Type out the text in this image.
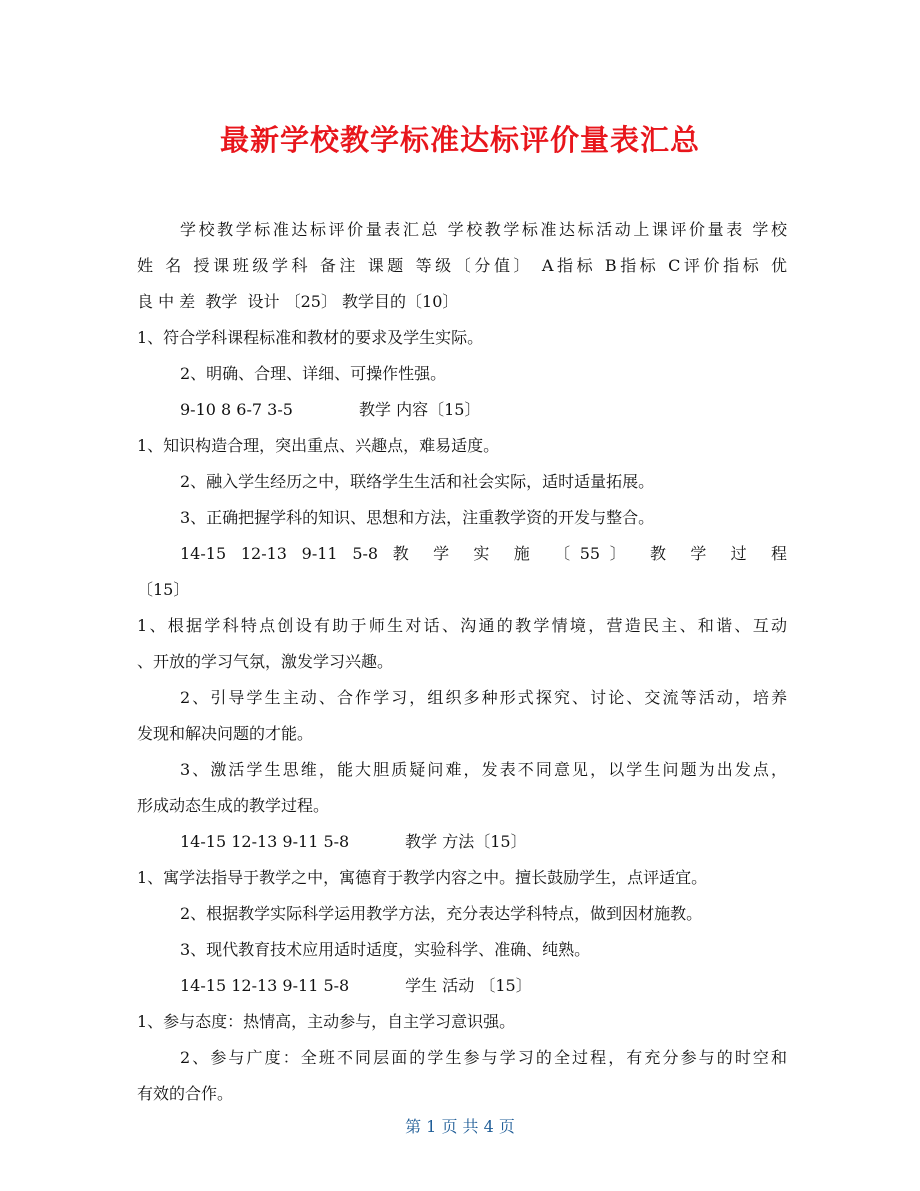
最新学校教学标准达标评价量表汇总
学校教学标准达标评价量表汇总 学校教学标准达标活动上课评价量表 学校
姓 名 授课班级学科 备注 课题 等级〔分值〕 A指标 B指标 C评价指标 优
良 中 差  教学  设计 〔25〕 教学目的〔10〕
1、符合学科课程标准和教材的要求及学生实际。
2、明确、合理、详细、可操作性强。
9-10 8 6-7 3-5             教学 内容〔15〕
1、知识构造合理，突出重点、兴趣点，难易适度。
2、融入学生经历之中，联络学生生活和社会实际，适时适量拓展。
3、正确把握学科的知识、思想和方法，注重教学资的开发与整合。
14-15 12-13 9-11 5-8 教 学 实 施 〔55〕 教 学 过 程
〔15〕
1、根据学科特点创设有助于师生对话、沟通的教学情境，营造民主、和谐、互动
、开放的学习气氛，激发学习兴趣。
2、引导学生主动、合作学习，组织多种形式探究、讨论、交流等活动，培养
发现和解决问题的才能。
3、激活学生思维，能大胆质疑问难，发表不同意见，以学生问题为出发点，
形成动态生成的教学过程。
14-15 12-13 9-11 5-8           教学 方法〔15〕
1、寓学法指导于教学之中，寓德育于教学内容之中。擅长鼓励学生，点评适宜。
2、根据教学实际科学运用教学方法，充分表达学科特点，做到因材施教。
3、现代教育技术应用适时适度，实验科学、准确、纯熟。
14-15 12-13 9-11 5-8           学生 活动 〔15〕
1、参与态度：热情高，主动参与，自主学习意识强。
2、参与广度：全班不同层面的学生参与学习的全过程，有充分参与的时空和
有效的合作。
第 1 页 共 4 页
